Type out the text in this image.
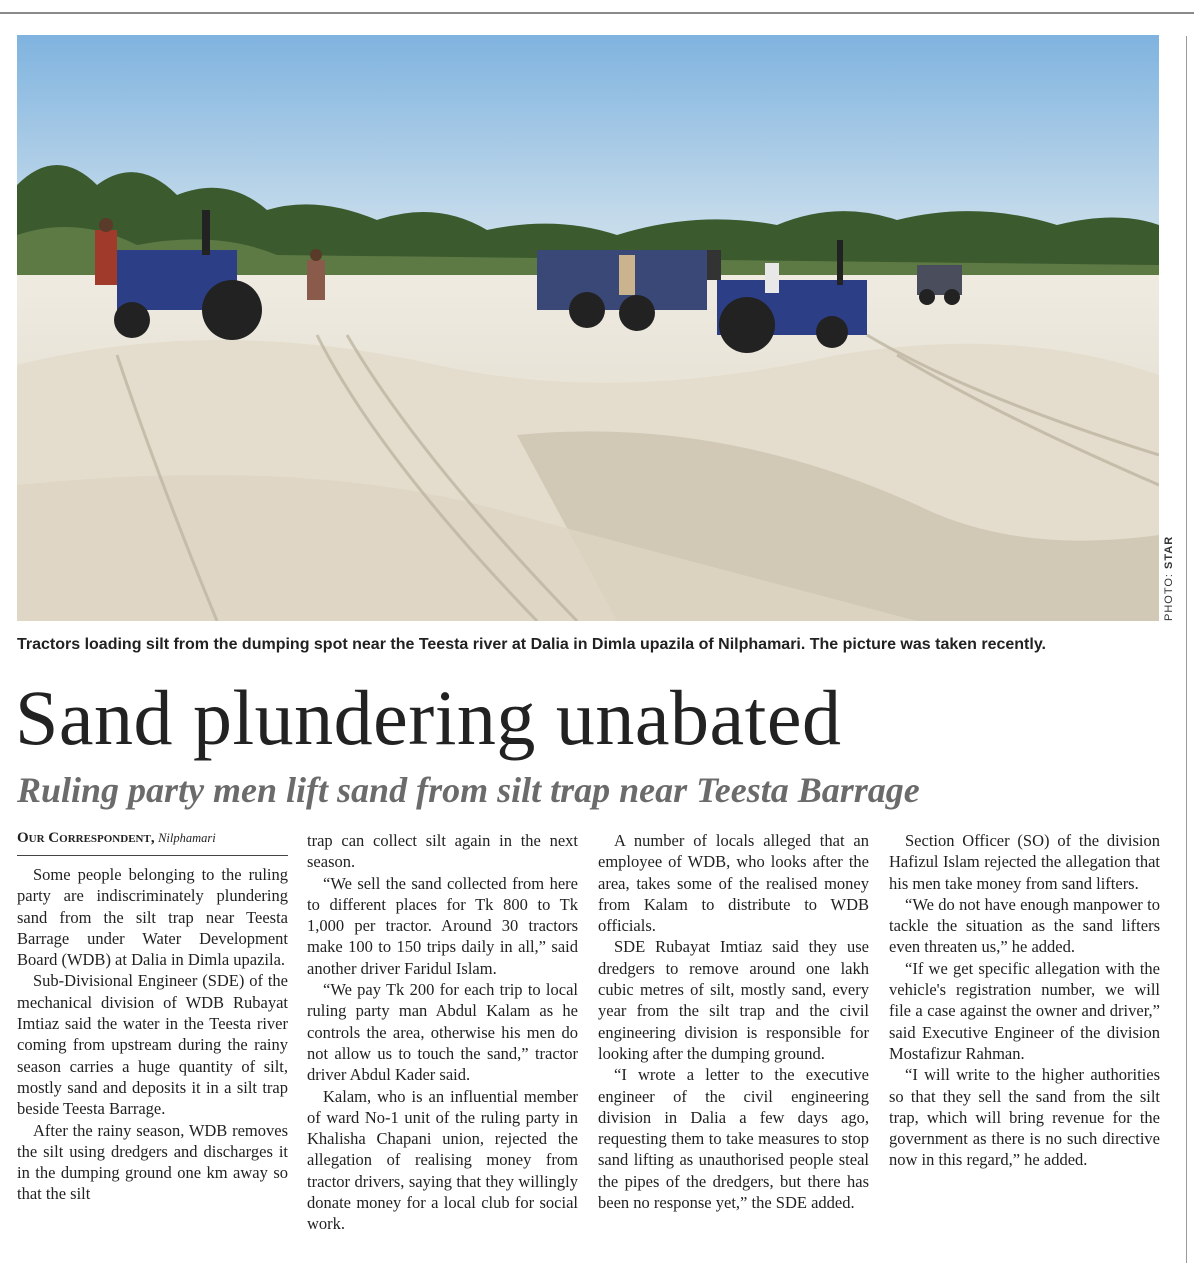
PHOTO: STAR
Tractors loading silt from the dumping spot near the Teesta river at Dalia in Dimla upazila of Nilphamari. The picture was taken recently.
Sand plundering unabated
Ruling party men lift sand from silt trap near Teesta Barrage
Our Correspondent, Nilphamari

Some people belonging to the ruling party are indiscriminately plundering sand from the silt trap near Teesta Barrage under Water Development Board (WDB) at Dalia in Dimla upazila.

Sub-Divisional Engineer (SDE) of the mechanical division of WDB Rubayat Imtiaz said the water in the Teesta river coming from upstream during the rainy season carries a huge quantity of silt, mostly sand and deposits it in a silt trap beside Teesta Barrage.

After the rainy season, WDB removes the silt using dredgers and discharges it in the dumping ground one km away so that the silt

trap can collect silt again in the next season.

“We sell the sand collected from here to different places for Tk 800 to Tk 1,000 per tractor. Around 30 tractors make 100 to 150 trips daily in all,” said another driver Faridul Islam.

“We pay Tk 200 for each trip to local ruling party man Abdul Kalam as he controls the area, otherwise his men do not allow us to touch the sand,” tractor driver Abdul Kader said.

Kalam, who is an influential member of ward No-1 unit of the ruling party in Khalisha Chapani union, rejected the allegation of realising money from tractor drivers, saying that they willingly donate money for a local club for social work.

A number of locals alleged that an employee of WDB, who looks after the area, takes some of the realised money from Kalam to distribute to WDB officials.

SDE Rubayat Imtiaz said they use dredgers to remove around one lakh cubic metres of silt, mostly sand, every year from the silt trap and the civil engineering division is responsible for looking after the dumping ground.

“I wrote a letter to the executive engineer of the civil engineering division in Dalia a few days ago, requesting them to take measures to stop sand lifting as unauthorised people steal the pipes of the dredgers, but there has been no response yet,” the SDE added.

Section Officer (SO) of the division Hafizul Islam rejected the allegation that his men take money from sand lifters.

“We do not have enough manpower to tackle the situation as the sand lifters even threaten us,” he added.

“If we get specific allegation with the vehicle's registration number, we will file a case against the owner and driver,” said Executive Engineer of the division Mostafizur Rahman.

“I will write to the higher authorities so that they sell the sand from the silt trap, which will bring revenue for the government as there is no such directive now in this regard,” he added.
